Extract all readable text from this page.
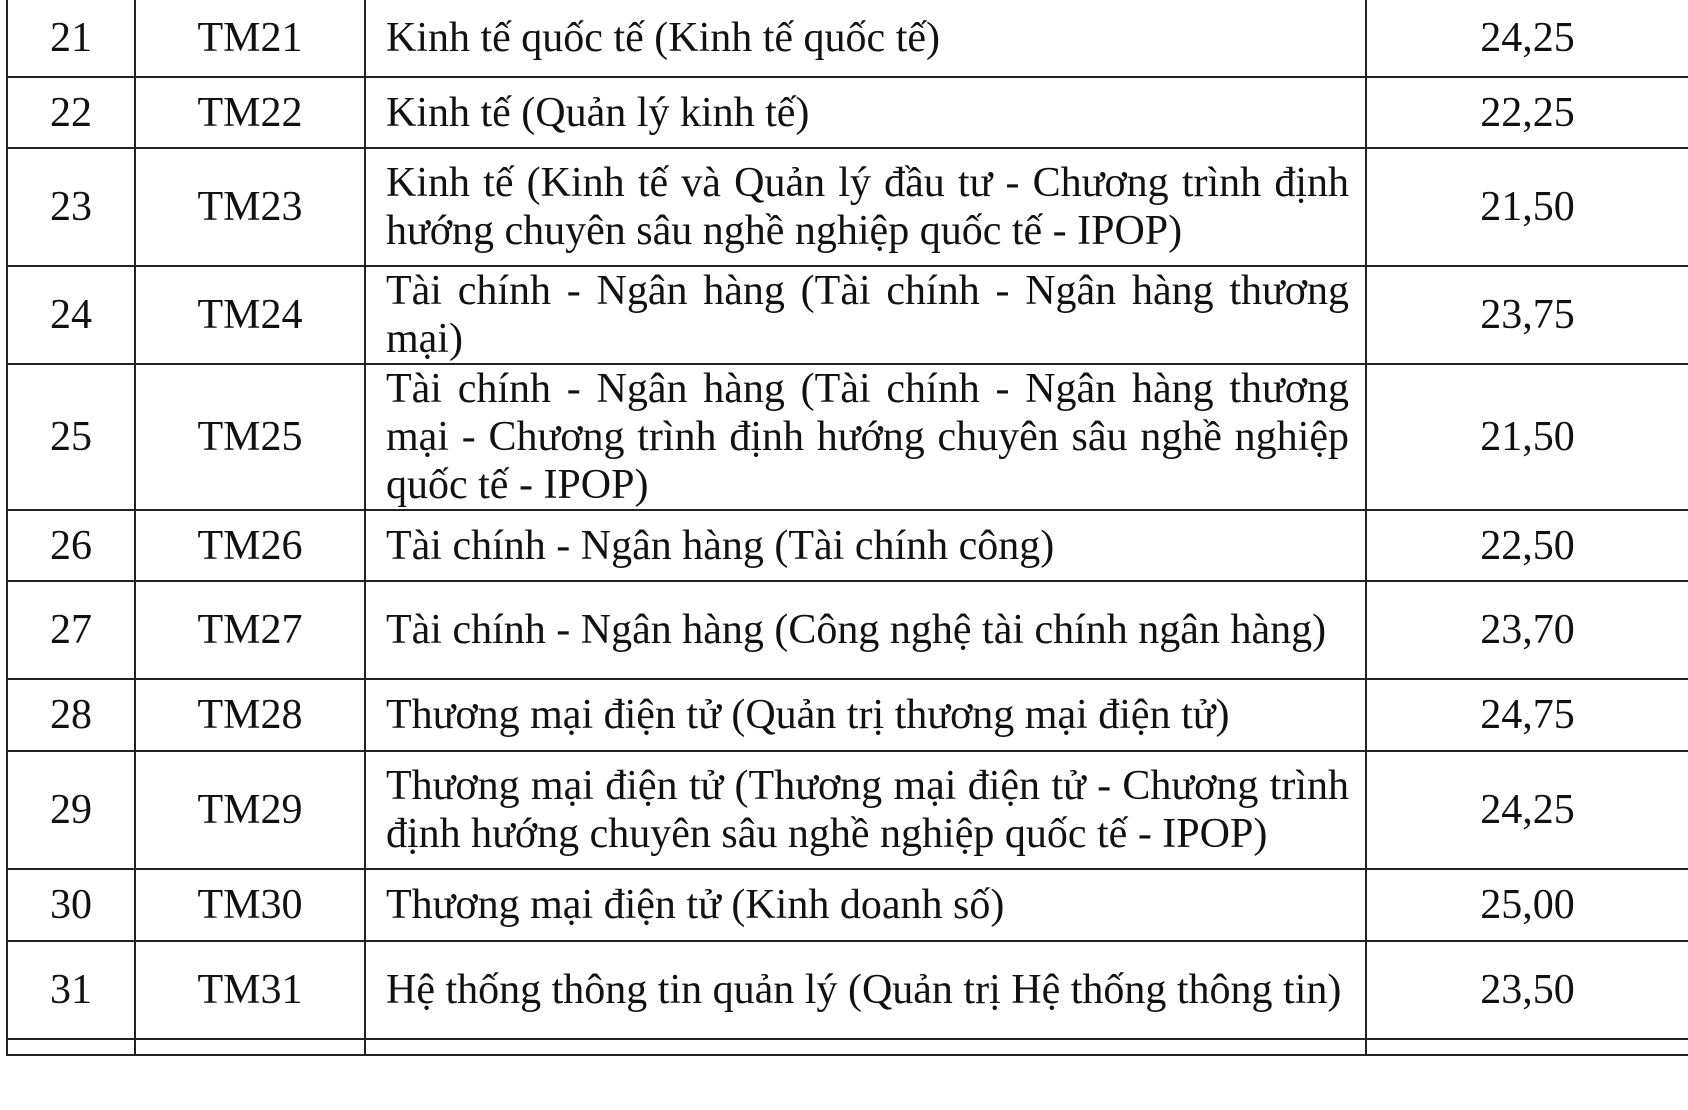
21	TM21	Kinh tế quốc tế (Kinh tế quốc tế)	24,25
22	TM22	Kinh tế (Quản lý kinh tế)	22,25
23	TM23	Kinh tế (Kinh tế và Quản lý đầu tư - Chương trình định hướng chuyên sâu nghề nghiệp quốc tế - IPOP)	21,50
24	TM24	Tài chính - Ngân hàng (Tài chính - Ngân hàng thương mại)	23,75
25	TM25	Tài chính - Ngân hàng (Tài chính - Ngân hàng thương mại - Chương trình định hướng chuyên sâu nghề nghiệp quốc tế - IPOP)	21,50
26	TM26	Tài chính - Ngân hàng (Tài chính công)	22,50
27	TM27	Tài chính - Ngân hàng (Công nghệ tài chính ngân hàng)	23,70
28	TM28	Thương mại điện tử (Quản trị thương mại điện tử)	24,75
29	TM29	Thương mại điện tử (Thương mại điện tử - Chương trình định hướng chuyên sâu nghề nghiệp quốc tế - IPOP)	24,25
30	TM30	Thương mại điện tử (Kinh doanh số)	25,00
31	TM31	Hệ thống thông tin quản lý (Quản trị Hệ thống thông tin)	23,50
